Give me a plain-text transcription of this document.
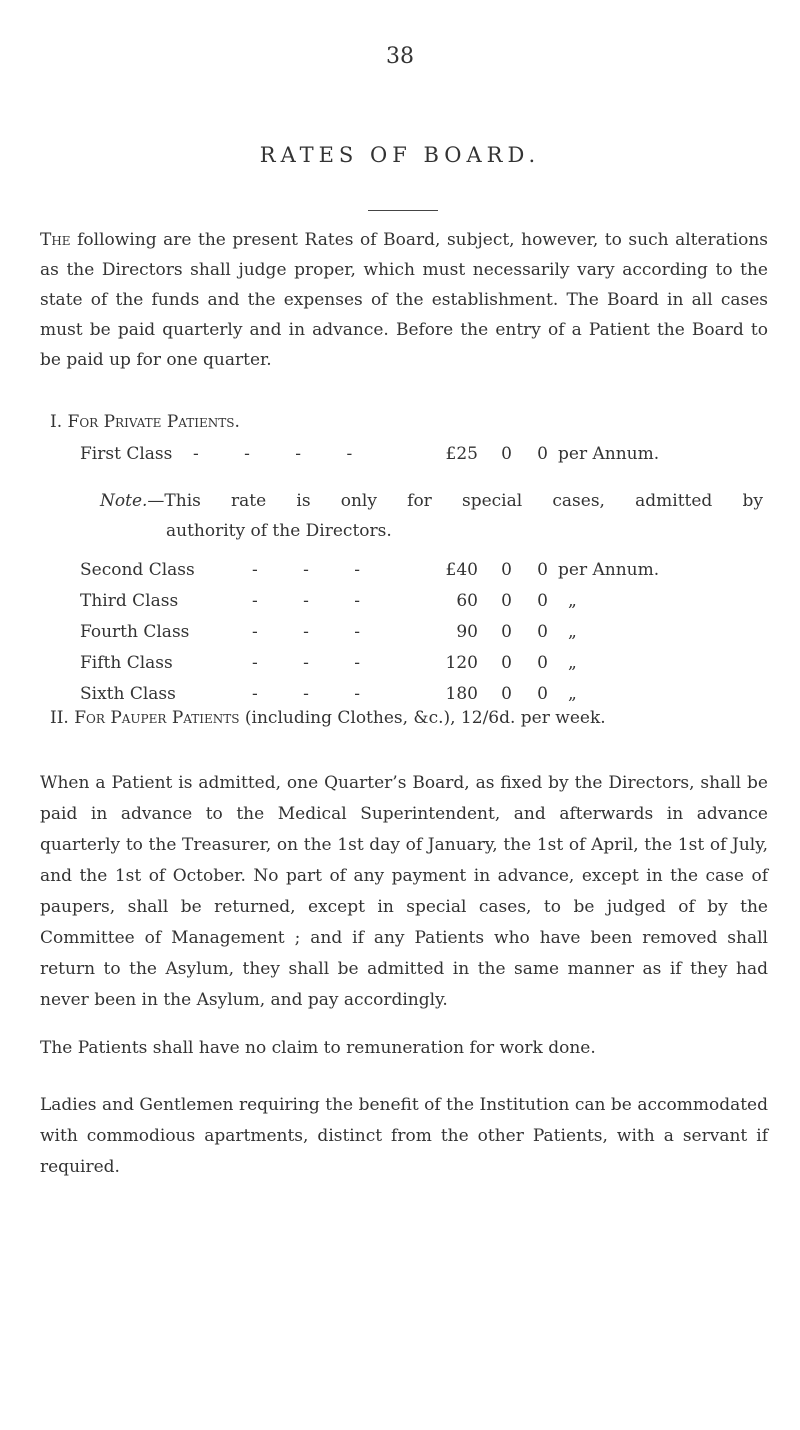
38
RATES OF BOARD.

The following are the present Rates of Board, subject, however, to such alterations as the Directors shall judge proper, which must necessarily vary according to the state of the funds and the expenses of the establishment. The Board in all cases must be paid quarterly and in advance. Before the entry of a Patient the Board to be paid up for one quarter.

I. For Private Patients.
First Class - - - -	£25	0	0 per Annum.
Note.—This rate is only for special cases, admitted by
authority of the Directors.
Second Class	- - -	£40	0	0 per Annum.
Third Class	- - -	60	0	0 „
Fourth Class	- - -	90	0	0 „
Fifth Class	- - -	120	0	0 „
Sixth Class	- - -	180	0	0 „
II. For Pauper Patients (including Clothes, &c.), 12/6d. per week.

When a Patient is admitted, one Quarter’s Board, as fixed by the Directors, shall be paid in advance to the Medical Superintendent, and afterwards in advance quarterly to the Treasurer, on the 1st day of January, the 1st of April, the 1st of July, and the 1st of October. No part of any payment in advance, except in the case of paupers, shall be returned, except in special cases, to be judged of by the Committee of Management ; and if any Patients who have been removed shall return to the Asylum, they shall be admitted in the same manner as if they had never been in the Asylum, and pay accordingly.

The Patients shall have no claim to remuneration for work done.

Ladies and Gentlemen requiring the benefit of the Institution can be accommodated with commodious apartments, distinct from the other Patients, with a servant if required.
